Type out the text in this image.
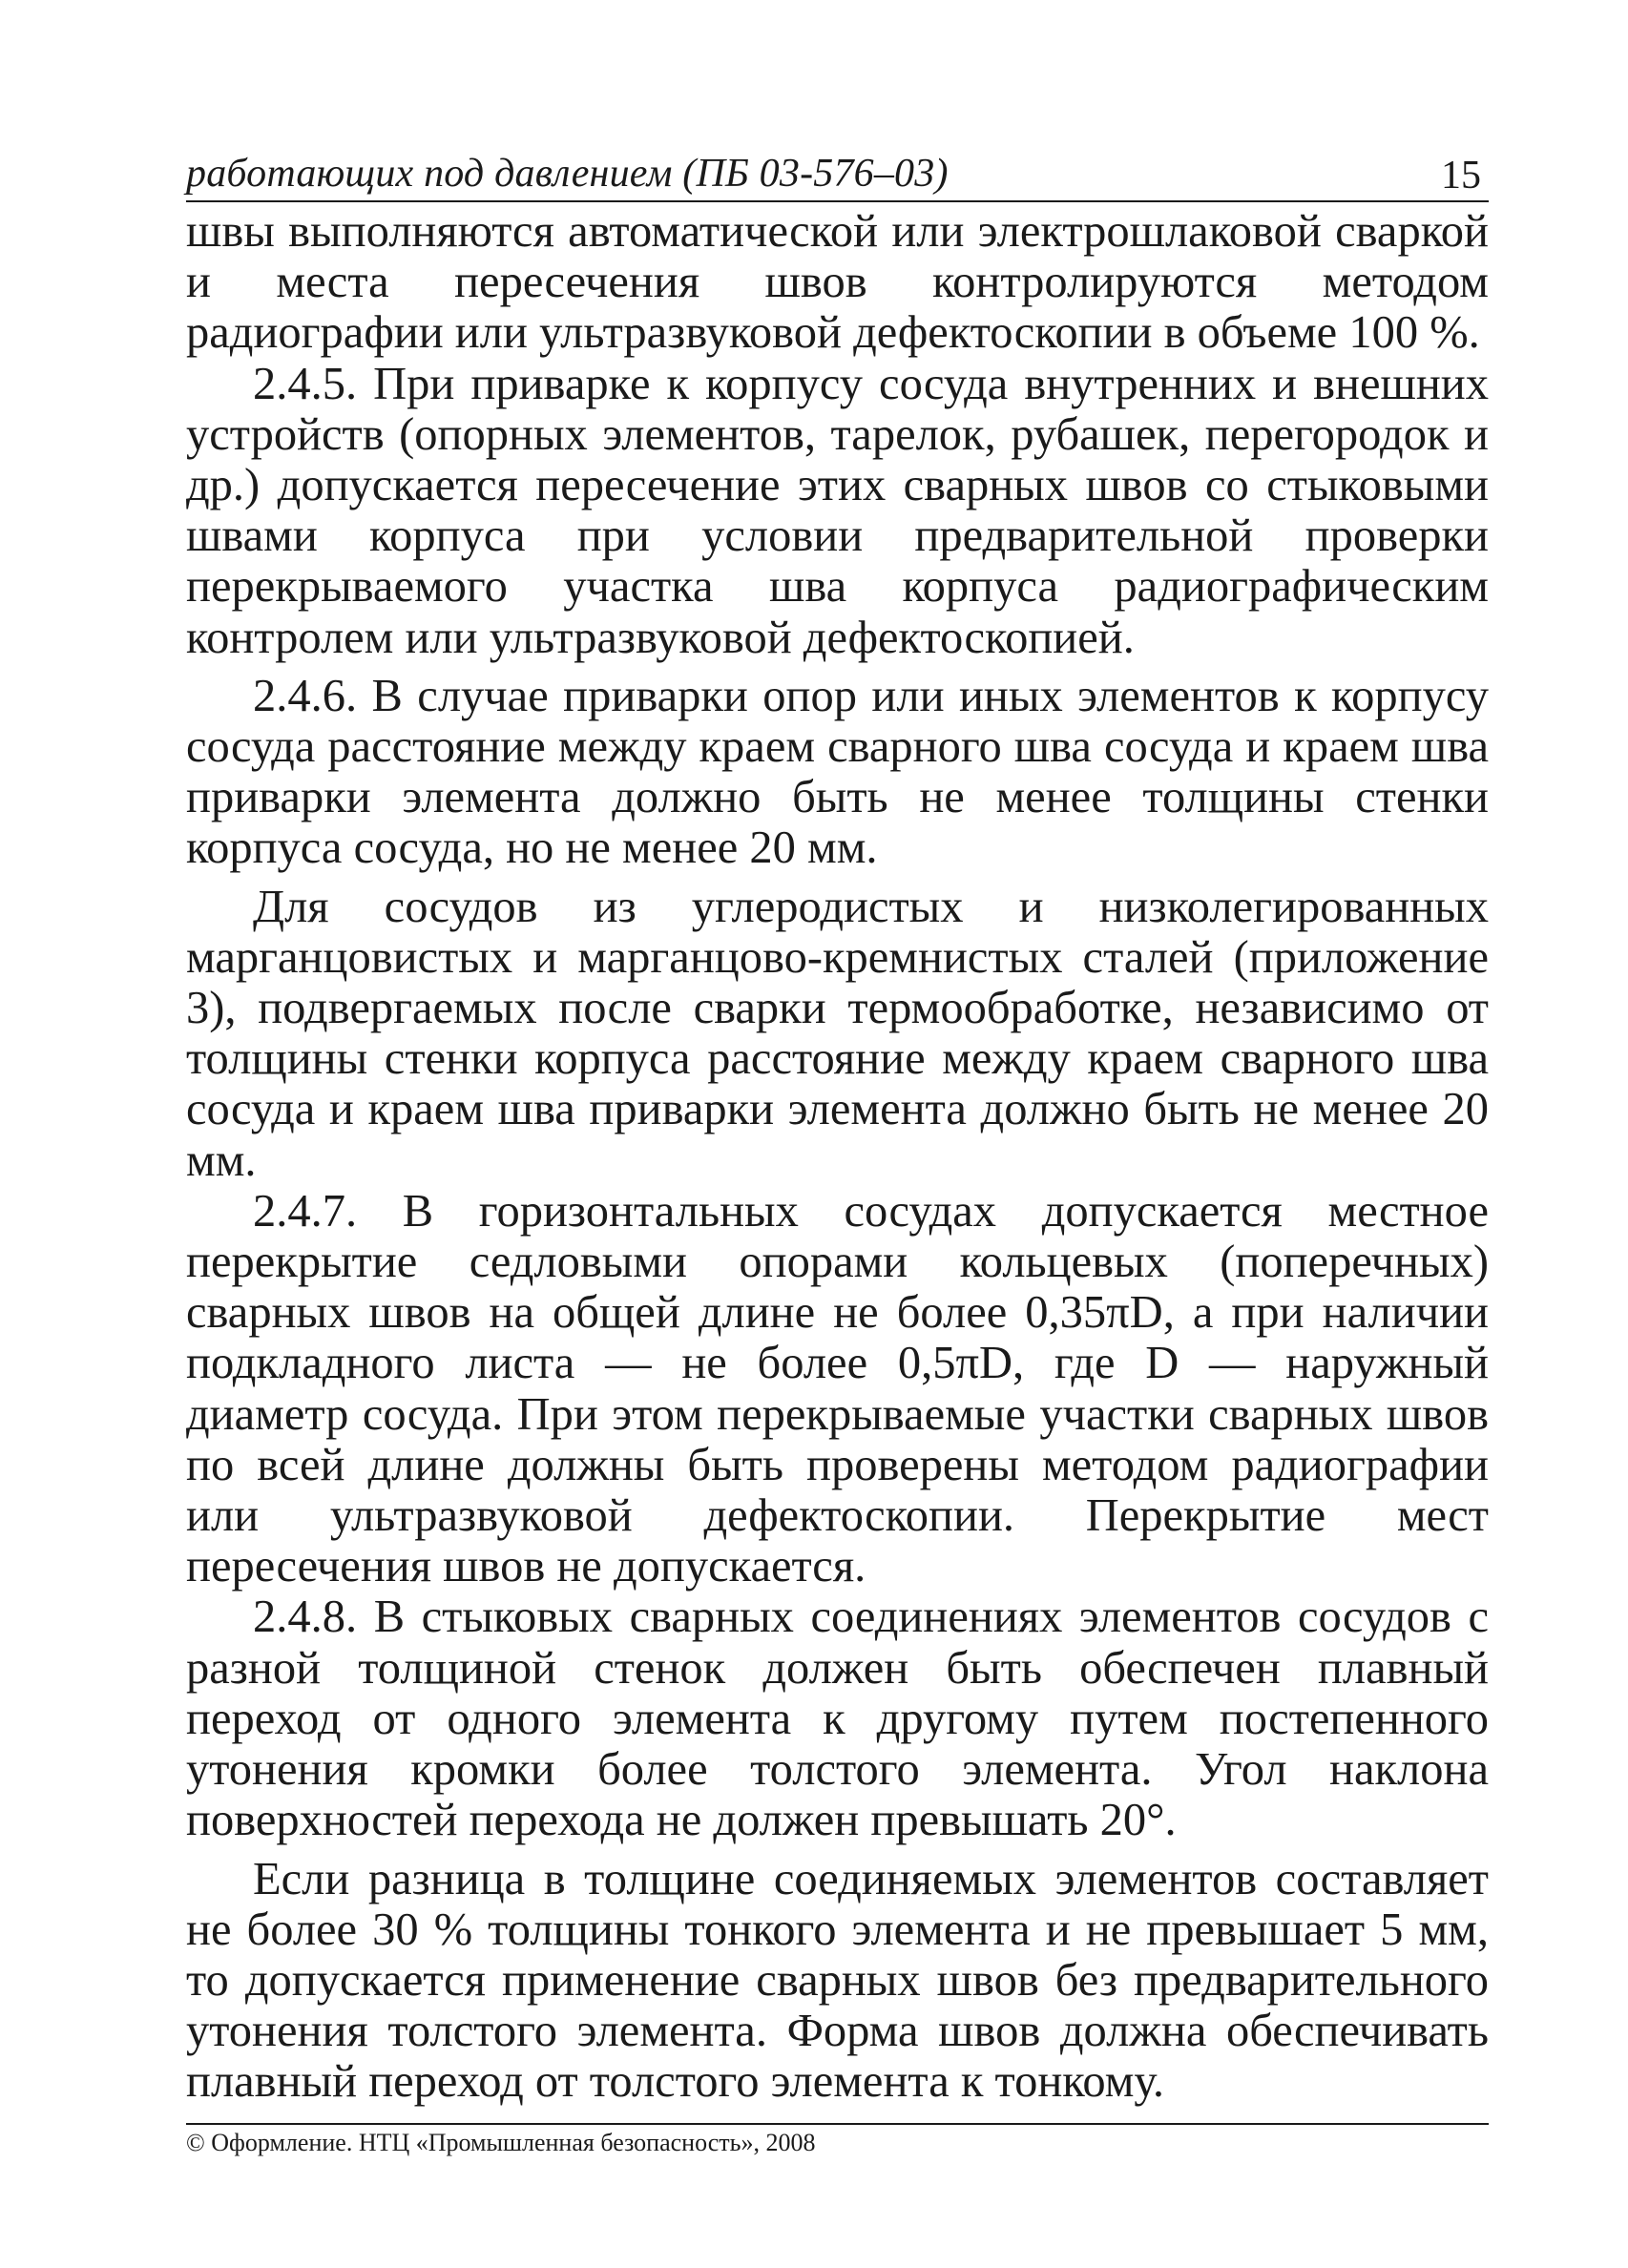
работающих под давлением (ПБ 03-576–03)	15

швы выполняются автоматической или электрошлаковой сваркой и места пересечения швов контролируются методом радиографии или ультразвуковой дефектоскопии в объеме 100 %.

2.4.5. При приварке к корпусу сосуда внутренних и внешних устройств (опорных элементов, тарелок, рубашек, перегородок и др.) допускается пересечение этих сварных швов со стыковыми швами корпуса при условии предварительной проверки перекрываемого участка шва корпуса радиографическим контролем или ультразвуковой дефектоскопией.

2.4.6. В случае приварки опор или иных элементов к корпусу сосуда расстояние между краем сварного шва сосуда и краем шва приварки элемента должно быть не менее толщины стенки корпуса сосуда, но не менее 20 мм.

Для сосудов из углеродистых и низколегированных марганцовистых и марганцово-кремнистых сталей (приложение 3), подвергаемых после сварки термообработке, независимо от толщины стенки корпуса расстояние между краем сварного шва сосуда и краем шва приварки элемента должно быть не менее 20 мм.

2.4.7. В горизонтальных сосудах допускается местное перекрытие седловыми опорами кольцевых (поперечных) сварных швов на общей длине не более 0,35πD, а при наличии подкладного листа — не более 0,5πD, где D — наружный диаметр сосуда. При этом перекрываемые участки сварных швов по всей длине должны быть проверены методом радиографии или ультразвуковой дефектоскопии. Перекрытие мест пересечения швов не допускается.

2.4.8. В стыковых сварных соединениях элементов сосудов с разной толщиной стенок должен быть обеспечен плавный переход от одного элемента к другому путем постепенного утонения кромки более толстого элемента. Угол наклона поверхностей перехода не должен превышать 20°.

Если разница в толщине соединяемых элементов составляет не более 30 % толщины тонкого элемента и не превышает 5 мм, то допускается применение сварных швов без предварительного утонения толстого элемента. Форма швов должна обеспечивать плавный переход от толстого элемента к тонкому.

© Оформление. НТЦ «Промышленная безопасность», 2008
